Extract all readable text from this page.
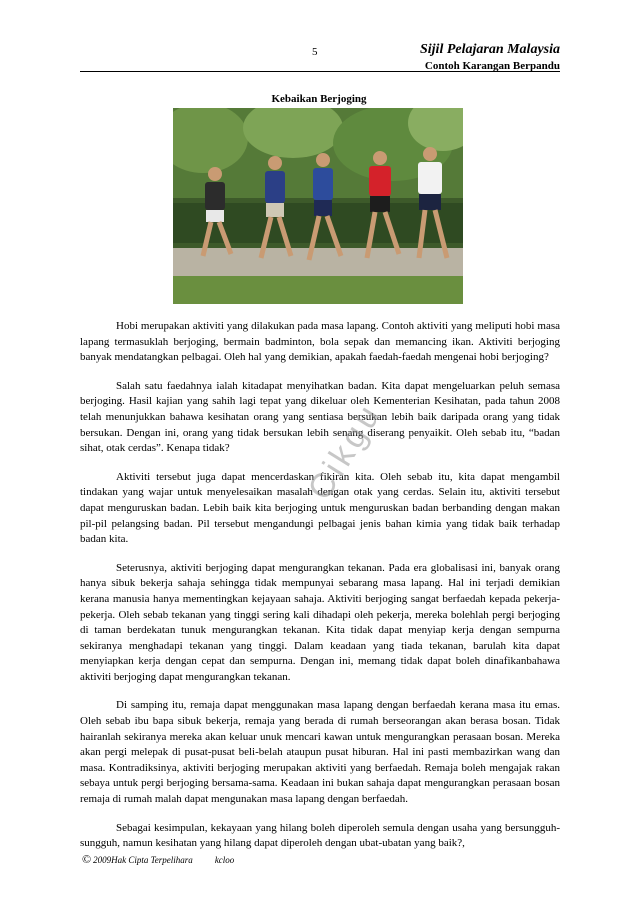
5	Sijil Pelajaran Malaysia
Contoh Karangan Berpandu
Kebaikan Berjoging

Hobi merupakan aktiviti yang dilakukan pada masa lapang. Contoh aktiviti yang meliputi hobi masa lapang termasuklah berjoging, bermain badminton, bola sepak dan memancing ikan. Aktiviti berjoging banyak mendatangkan pelbagai. Oleh hal yang demikian, apakah faedah-faedah mengenai hobi berjoging?

Salah satu faedahnya ialah kitadapat menyihatkan badan. Kita dapat mengeluarkan peluh semasa berjoging. Hasil kajian yang sahih lagi tepat yang dikeluar oleh Kementerian Kesihatan, pada tahun 2008 telah menunjukkan bahawa kesihatan orang yang sentiasa bersukan lebih baik daripada orang yang tidak bersukan. Dengan ini, orang yang tidak bersukan lebih senang diserang penyaikit. Oleh sebab itu, “badan sihat, otak cerdas”. Kenapa tidak?

Aktiviti tersebut juga dapat mencerdaskan fikiran kita. Oleh sebab itu, kita dapat mengambil tindakan yang wajar untuk menyelesaikan masalah dengan otak yang cerdas. Selain itu, aktiviti tersebut dapat menguruskan badan. Lebih baik kita berjoging untuk menguruskan badan berbanding dengan makan pil-pil pelangsing badan. Pil tersebut mengandungi pelbagai jenis bahan kimia yang tidak baik terhadap badan kita.

Seterusnya, aktiviti berjoging dapat mengurangkan tekanan. Pada era globalisasi ini, banyak orang hanya sibuk bekerja sahaja sehingga tidak mempunyai sebarang masa lapang. Hal ini terjadi demikian kerana manusia hanya mementingkan kejayaan sahaja. Aktiviti berjoging sangat berfaedah kepada pekerja-pekerja. Oleh sebab tekanan yang tinggi sering kali dihadapi oleh pekerja, mereka bolehlah pergi berjoging di taman berdekatan tunuk mengurangkan tekanan. Kita tidak dapat menyiap kerja dengan sempurna sekiranya menghadapi tekanan yang tinggi. Dalam keadaan yang tiada tekanan, barulah kita dapat menyiapkan kerja dengan cepat dan sempurna. Dengan ini, memang tidak dapat boleh dinafikanbahawa aktiviti berjoging dapat mengurangkan tekanan.

Di samping itu, remaja dapat menggunakan masa lapang dengan berfaedah kerana masa itu emas. Oleh sebab ibu bapa sibuk bekerja, remaja yang berada di rumah berseorangan akan berasa bosan. Tidak hairanlah sekiranya mereka akan keluar unuk mencari kawan untuk mengurangkan perasaan bosan. Mereka akan pergi melepak di pusat-pusat beli-belah ataupun pusat hiburan. Hal ini pasti membazirkan wang dan masa. Kontradiksinya, aktiviti berjoging merupakan aktiviti yang berfaedah. Remaja boleh mengajak rakan sebaya untuk pergi berjoging bersama-sama. Keadaan ini bukan sahaja dapat mengurangkan perasaan bosan remaja di rumah malah dapat mengunakan masa lapang dengan berfaedah.

Sebagai kesimpulan, kekayaan yang hilang boleh diperoleh semula dengan usaha yang bersungguh-sungguh, namun kesihatan yang hilang dapat diperoleh dengan ubat-ubatan yang baik?,

Cikgu
© 2009Hak Cipta Terpelihara kcloo
